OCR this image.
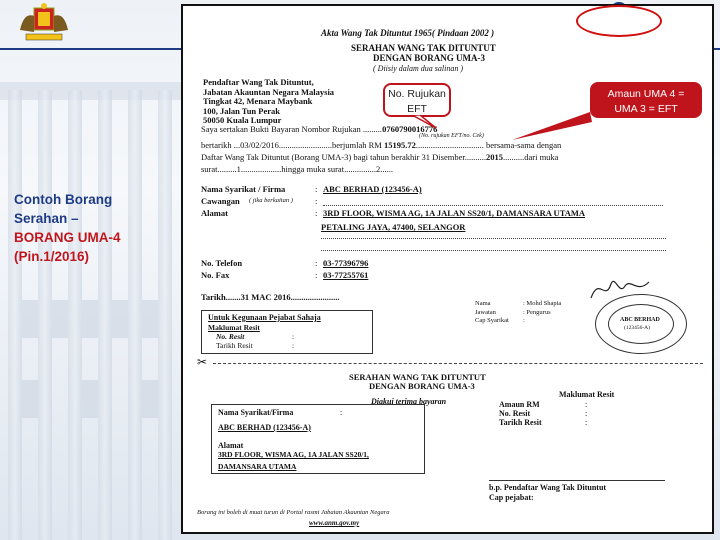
Contoh Borang
Serahan –
BORANG UMA-4
(Pin.1/2016)
Akta Wang Tak Dituntut 1965( Pindaan 2002 )
SERAHAN WANG TAK DITUNTUT
DENGAN BORANG UMA-3
( Diisiy dalam dua salinan )
Pendaftar Wang Tak Dituntut,
Jabatan Akauntan Negara Malaysia
Tingkat 42, Menara Maybank
100, Jalan Tun Perak
50050 Kuala Lumpur
Saya sertakan Bukti Bayaran Nombor Rujukan .........0760790016776
(No. rujukan EFT/no. Cek)
bertarikh ...03/02/2016.........................berjumlah RM 15195.72................................ bersama-sama dengan
Daftar Wang Tak Dituntut (Borang UMA-3) bagi tahun berakhir 31 Disember..........2015..........dari muka
surat.........1...................hingga muka surat...............2......
Nama Syarikat / Firma	: ABC BERHAD (123456-A)
Cawangan ( jika berkaitan )	:
Alamat	: 3RD FLOOR, WISMA AG, 1A JALAN SS20/1, DAMANSARA UTAMA
PETALING JAYA, 47400, SELANGOR
No. Telefon	: 03-77396796
No. Fax	: 03-77255761
Tarikh.......31 MAC 2016.......................
Nama	: Mohd Shapia
Jawatan	: Pengurus
Cap Syarikat :	ABC BERHAD
(123456-A)
Untuk Kegunaan Pejabat Sahaja
Maklumat Resit
No. Resit	:
Tarikh Resit	:
✂
SERAHAN WANG TAK DITUNTUT
DENGAN BORANG UMA-3
Maklumat Resit
Diakui terima bayaran	Amaun RM	:
No. Resit	:
Tarikh Resit	:
Nama Syarikat/Firma	:
ABC BERHAD (123456-A)
Alamat
3RD FLOOR, WISMA AG, 1A JALAN SS20/1,
DAMANSARA UTAMA
b.p. Pendaftar Wang Tak Dituntut
Cap pejabat:
Borang ini boleh di muat turun di Portal rasmi Jabatan Akauntan Negara
www.anm.gov.my
No. Rujukan
EFT
Amaun UMA 4 =
UMA 3 = EFT
